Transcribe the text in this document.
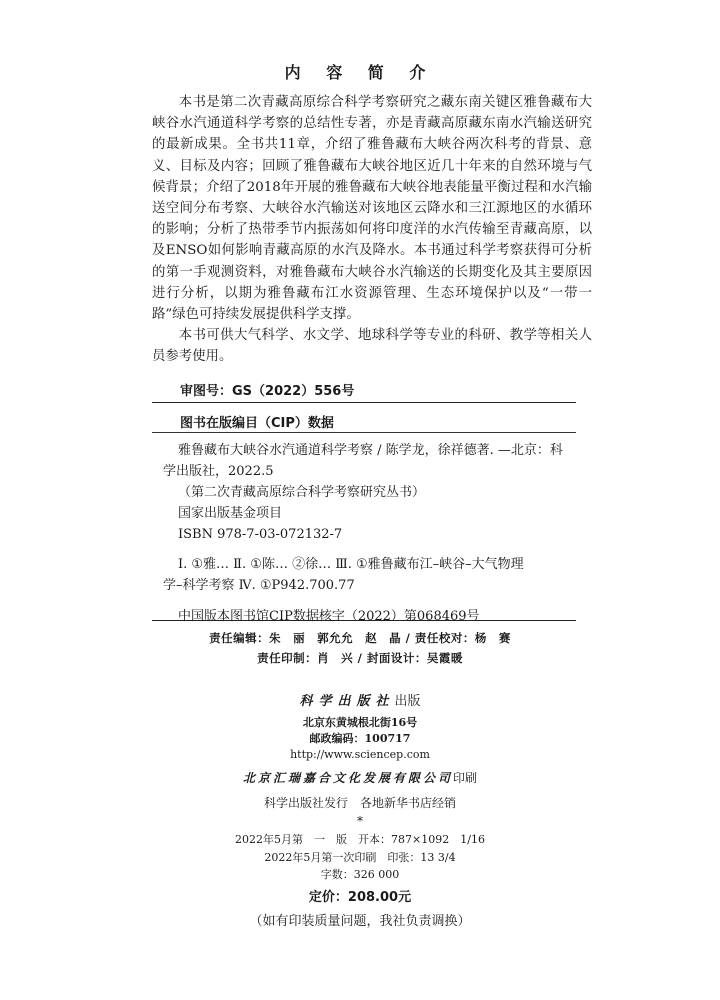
内 容 简 介

本书是第二次青藏高原综合科学考察研究之藏东南关键区雅鲁藏布大峡谷水汽通道科学考察的总结性专著，亦是青藏高原藏东南水汽输送研究的最新成果。全书共11章，介绍了雅鲁藏布大峡谷两次科考的背景、意义、目标及内容；回顾了雅鲁藏布大峡谷地区近几十年来的自然环境与气候背景；介绍了2018年开展的雅鲁藏布大峡谷地表能量平衡过程和水汽输送空间分布考察、大峡谷水汽输送对该地区云降水和三江源地区的水循环的影响；分析了热带季节内振荡如何将印度洋的水汽传输至青藏高原，以及ENSO如何影响青藏高原的水汽及降水。本书通过科学考察获得可分析的第一手观测资料，对雅鲁藏布大峡谷水汽输送的长期变化及其主要原因进行分析，以期为雅鲁藏布江水资源管理、生态环境保护以及“一带一路”绿色可持续发展提供科学支撑。

本书可供大气科学、水文学、地球科学等专业的科研、教学等相关人员参考使用。

审图号：GS（2022）556号
图书在版编目（CIP）数据

雅鲁藏布大峡谷水汽通道科学考察 / 陈学龙，徐祥德著. —北京：科

学出版社，2022.5

（第二次青藏高原综合科学考察研究丛书）

国家出版基金项目

ISBN 978-7-03-072132-7

Ⅰ. ①雅… Ⅱ. ①陈… ②徐… Ⅲ. ①雅鲁藏布江–峡谷–大气物理

学–科学考察 Ⅳ. ①P942.700.77

中国版本图书馆CIP数据核字（2022）第068469号

责任编辑：朱　丽　郭允允　赵　晶 / 责任校对：杨　赛
责任印制：肖　兴 / 封面设计：吴霞暖
科学出版社出版
北京东黄城根北街16号
邮政编码：100717
http://www.sciencep.com
北京汇瑞嘉合文化发展有限公司印刷
科学出版社发行　各地新华书店经销
*
2022年5月第　一　版　开本：787×1092　1/16
2022年5月第一次印刷　印张：13 3/4
字数：326 000
定价：208.00元
（如有印装质量问题，我社负责调换）
